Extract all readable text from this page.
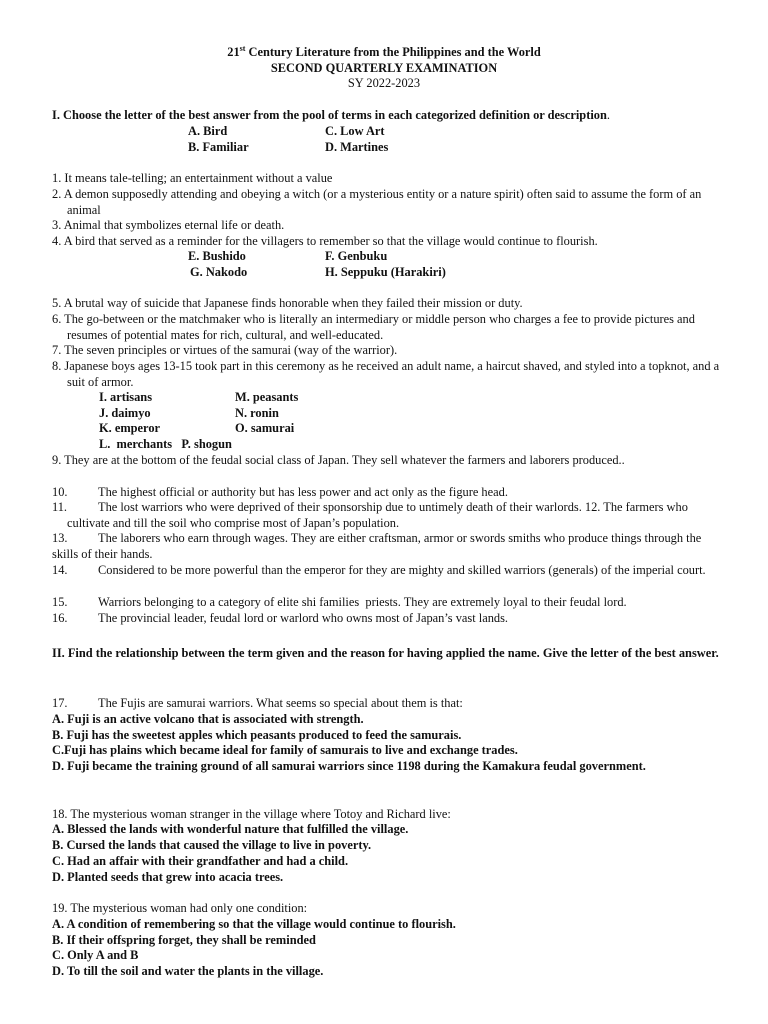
21st Century Literature from the Philippines and the World
SECOND QUARTERLY EXAMINATION
SY 2022-2023
I. Choose the letter of the best answer from the pool of terms in each categorized definition or description.
A. Bird	C. Low Art
B. Familiar	D. Martines
1. It means tale-telling; an entertainment without a value
2. A demon supposedly attending and obeying a witch (or a mysterious entity or a nature spirit) often said to assume the form of an animal
3. Animal that symbolizes eternal life or death.
4. A bird that served as a reminder for the villagers to remember so that the village would continue to flourish.
E. Bushido	F. Genbuku
G. Nakodo	H. Seppuku (Harakiri)
5. A brutal way of suicide that Japanese finds honorable when they failed their mission or duty.
6. The go-between or the matchmaker who is literally an intermediary or middle person who charges a fee to provide pictures and resumes of potential mates for rich, cultural, and well-educated.
7. The seven principles or virtues of the samurai (way of the warrior).
8. Japanese boys ages 13-15 took part in this ceremony as he received an adult name, a haircut shaved, and styled into a topknot, and a suit of armor.
I. artisans	M. peasants
J. daimyo	N. ronin
K. emperor	O. samurai
L.  merchants   P. shogun
9. They are at the bottom of the feudal social class of Japan. They sell whatever the farmers and laborers produced..
10. The highest official or authority but has less power and act only as the figure head.
11. The lost warriors who were deprived of their sponsorship due to untimely death of their warlords. 12. The farmers who cultivate and till the soil who comprise most of Japan’s population.
13. The laborers who earn through wages. They are either craftsman, armor or swords smiths who produce things through the skills of their hands.
14. Considered to be more powerful than the emperor for they are mighty and skilled warriors (generals) of the imperial court.
15. Warriors belonging to a category of elite shi families  priests. They are extremely loyal to their feudal lord.
16. The provincial leader, feudal lord or warlord who owns most of Japan’s vast lands.
II. Find the relationship between the term given and the reason for having applied the name. Give the letter of the best answer.
17. The Fujis are samurai warriors. What seems so special about them is that:
A. Fuji is an active volcano that is associated with strength.
B. Fuji has the sweetest apples which peasants produced to feed the samurais.
C.Fuji has plains which became ideal for family of samurais to live and exchange trades.
D. Fuji became the training ground of all samurai warriors since 1198 during the Kamakura feudal government.
18. The mysterious woman stranger in the village where Totoy and Richard live:
A. Blessed the lands with wonderful nature that fulfilled the village.
B. Cursed the lands that caused the village to live in poverty.
C. Had an affair with their grandfather and had a child.
D. Planted seeds that grew into acacia trees.
19. The mysterious woman had only one condition:
A. A condition of remembering so that the village would continue to flourish.
B. If their offspring forget, they shall be reminded
C. Only A and B
D. To till the soil and water the plants in the village.
